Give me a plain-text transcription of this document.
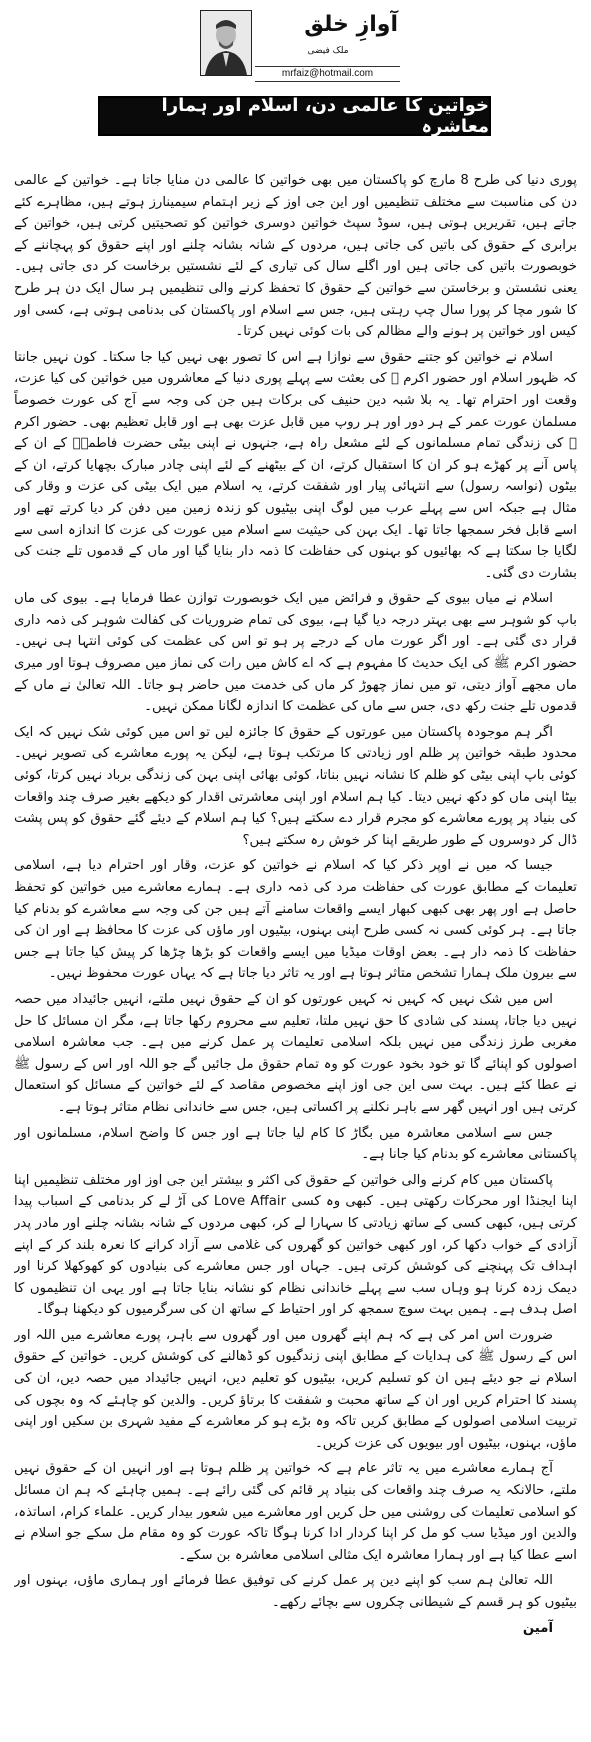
آوازِ خلق
ملک فیضی
mrfaiz@hotmail.com
خواتین کا عالمی دن، اسلام اور ہمارا معاشرہ

پوری دنیا کی طرح 8 مارچ کو پاکستان میں بھی خواتین کا عالمی دن منایا جاتا ہے۔ خواتین کے عالمی دن کی مناسبت سے مختلف تنظیمیں اور این جی اوز کے زیر اہتمام سیمینارز ہوتے ہیں، مظاہرے کئے جاتے ہیں، تقریریں ہوتی ہیں، سوڈ سپٹ خواتین دوسری خواتین کو تصحیتیں کرتی ہیں، خواتین کے برابری کے حقوق کی باتیں کی جاتی ہیں، مردوں کے شانہ بشانہ چلنے اور اپنے حقوق کو پہچاننے کے خوبصورت باتیں کی جاتی ہیں اور اگلے سال کی تیاری کے لئے نشستیں برخاست کر دی جاتی ہیں۔ یعنی نشستن و برخاستن سے خواتین کے حقوق کا تحفظ کرنے والی تنظیمیں ہر سال ایک دن ہر طرح کا شور مچا کر پورا سال چپ رہتی ہیں، جس سے اسلام اور پاکستان کی بدنامی ہوتی ہے، کسی اور کیس اور خواتین پر ہونے والے مظالم کی بات کوئی نہیں کرتا۔

اسلام نے خواتین کو جتنے حقوق سے نوازا ہے اس کا تصور بھی نہیں کیا جا سکتا۔ کون نہیں جانتا کہ ظہور اسلام اور حضور اکرم ﷺ کی بعثت سے پہلے پوری دنیا کے معاشروں میں خواتین کی کیا عزت، وقعت اور احترام تھا۔ یہ بلا شبہ دین حنیف کی برکات ہیں جن کی وجہ سے آج کی عورت خصوصاً مسلمان عورت عمر کے ہر دور اور ہر روپ میں قابل عزت بھی ہے اور قابل تعظیم بھی۔ حضور اکرم ﷺ کی زندگی تمام مسلمانوں کے لئے مشعل راہ ہے، جنہوں نے اپنی بیٹی حضرت فاطمہؓ کے ان کے پاس آنے پر کھڑے ہو کر ان کا استقبال کرتے، ان کے بیٹھنے کے لئے اپنی چادر مبارک بچھایا کرتے، ان کے بیٹوں (نواسہ رسول) سے انتہائی پیار اور شفقت کرتے، یہ اسلام میں ایک بیٹی کی عزت و وقار کی مثال ہے جبکہ اس سے پہلے عرب میں لوگ اپنی بیٹیوں کو زندہ زمین میں دفن کر دیا کرتے تھے اور اسے قابل فخر سمجھا جاتا تھا۔ ایک بہن کی حیثیت سے اسلام میں عورت کی عزت کا اندازہ اسی سے لگایا جا سکتا ہے کہ بھائیوں کو بہنوں کی حفاظت کا ذمہ دار بنایا گیا اور ماں کے قدموں تلے جنت کی بشارت دی گئی۔

اسلام نے میاں بیوی کے حقوق و فرائض میں ایک خوبصورت توازن عطا فرمایا ہے۔ بیوی کی ماں باپ کو شوہر سے بھی بہتر درجہ دیا گیا ہے، بیوی کی تمام ضروریات کی کفالت شوہر کی ذمہ داری قرار دی گئی ہے۔ اور اگر عورت ماں کے درجے پر ہو تو اس کی عظمت کی کوئی انتہا ہی نہیں۔ حضور اکرم ﷺ کی ایک حدیث کا مفہوم ہے کہ اے کاش میں رات کی نماز میں مصروف ہوتا اور میری ماں مجھے آواز دیتی، تو میں نماز چھوڑ کر ماں کی خدمت میں حاضر ہو جاتا۔ اللہ تعالیٰ نے ماں کے قدموں تلے جنت رکھ دی، جس سے ماں کی عظمت کا اندازہ لگانا ممکن نہیں۔

اگر ہم موجودہ پاکستان میں عورتوں کے حقوق کا جائزہ لیں تو اس میں کوئی شک نہیں کہ ایک محدود طبقہ خواتین پر ظلم اور زیادتی کا مرتکب ہوتا ہے، لیکن یہ پورے معاشرے کی تصویر نہیں۔ کوئی باپ اپنی بیٹی کو ظلم کا نشانہ نہیں بناتا، کوئی بھائی اپنی بہن کی زندگی برباد نہیں کرتا، کوئی بیٹا اپنی ماں کو دکھ نہیں دیتا۔ کیا ہم اسلام اور اپنی معاشرتی اقدار کو دیکھے بغیر صرف چند واقعات کی بنیاد پر پورے معاشرے کو مجرم قرار دے سکتے ہیں؟ کیا ہم اسلام کے دیئے گئے حقوق کو پس پشت ڈال کر دوسروں کے طور طریقے اپنا کر خوش رہ سکتے ہیں؟

جیسا کہ میں نے اوپر ذکر کیا کہ اسلام نے خواتین کو عزت، وقار اور احترام دیا ہے، اسلامی تعلیمات کے مطابق عورت کی حفاظت مرد کی ذمہ داری ہے۔ ہمارے معاشرے میں خواتین کو تحفظ حاصل ہے اور پھر بھی کبھی کبھار ایسے واقعات سامنے آتے ہیں جن کی وجہ سے معاشرے کو بدنام کیا جاتا ہے۔ ہر کوئی کسی نہ کسی طرح اپنی بہنوں، بیٹیوں اور ماؤں کی عزت کا محافظ ہے اور ان کی حفاظت کا ذمہ دار ہے۔ بعض اوقات میڈیا میں ایسے واقعات کو بڑھا چڑھا کر پیش کیا جاتا ہے جس سے بیرون ملک ہمارا تشخص متاثر ہوتا ہے اور یہ تاثر دیا جاتا ہے کہ یہاں عورت محفوظ نہیں۔

اس میں شک نہیں کہ کہیں نہ کہیں عورتوں کو ان کے حقوق نہیں ملتے، انہیں جائیداد میں حصہ نہیں دیا جاتا، پسند کی شادی کا حق نہیں ملتا، تعلیم سے محروم رکھا جاتا ہے، مگر ان مسائل کا حل مغربی طرز زندگی میں نہیں بلکہ اسلامی تعلیمات پر عمل کرنے میں ہے۔ جب معاشرہ اسلامی اصولوں کو اپنائے گا تو خود بخود عورت کو وہ تمام حقوق مل جائیں گے جو اللہ اور اس کے رسول ﷺ نے عطا کئے ہیں۔ بہت سی این جی اوز اپنے مخصوص مقاصد کے لئے خواتین کے مسائل کو استعمال کرتی ہیں اور انہیں گھر سے باہر نکلنے پر اکساتی ہیں، جس سے خاندانی نظام متاثر ہوتا ہے۔

جس سے اسلامی معاشرہ میں بگاڑ کا کام لیا جاتا ہے اور جس کا واضح اسلام، مسلمانوں اور پاکستانی معاشرے کو بدنام کیا جانا ہے۔

پاکستان میں کام کرنے والی خواتین کے حقوق کی اکثر و بیشتر این جی اوز اور مختلف تنظیمیں اپنا اپنا ایجنڈا اور محرکات رکھتی ہیں۔ کبھی وہ کسی Love Affair کی آڑ لے کر بدنامی کے اسباب پیدا کرتی ہیں، کبھی کسی کے ساتھ زیادتی کا سہارا لے کر، کبھی مردوں کے شانہ بشانہ چلنے اور مادر پدر آزادی کے خواب دکھا کر، اور کبھی خواتین کو گھروں کی غلامی سے آزاد کرانے کا نعرہ بلند کر کے اپنے اہداف تک پہنچنے کی کوشش کرتی ہیں۔ جہاں اور جس معاشرے کی بنیادوں کو کھوکھلا کرنا اور دیمک زدہ کرنا ہو وہاں سب سے پہلے خاندانی نظام کو نشانہ بنایا جاتا ہے اور یہی ان تنظیموں کا اصل ہدف ہے۔ ہمیں بہت سوچ سمجھ کر اور احتیاط کے ساتھ ان کی سرگرمیوں کو دیکھنا ہوگا۔

ضرورت اس امر کی ہے کہ ہم اپنے گھروں میں اور گھروں سے باہر، پورے معاشرے میں اللہ اور اس کے رسول ﷺ کی ہدایات کے مطابق اپنی زندگیوں کو ڈھالنے کی کوشش کریں۔ خواتین کے حقوق اسلام نے جو دیئے ہیں ان کو تسلیم کریں، بیٹیوں کو تعلیم دیں، انہیں جائیداد میں حصہ دیں، ان کی پسند کا احترام کریں اور ان کے ساتھ محبت و شفقت کا برتاؤ کریں۔ والدین کو چاہئے کہ وہ بچوں کی تربیت اسلامی اصولوں کے مطابق کریں تاکہ وہ بڑے ہو کر معاشرے کے مفید شہری بن سکیں اور اپنی ماؤں، بہنوں، بیٹیوں اور بیویوں کی عزت کریں۔

آج ہمارے معاشرے میں یہ تاثر عام ہے کہ خواتین پر ظلم ہوتا ہے اور انہیں ان کے حقوق نہیں ملتے، حالانکہ یہ صرف چند واقعات کی بنیاد پر قائم کی گئی رائے ہے۔ ہمیں چاہئے کہ ہم ان مسائل کو اسلامی تعلیمات کی روشنی میں حل کریں اور معاشرے میں شعور بیدار کریں۔ علماء کرام، اساتذہ، والدین اور میڈیا سب کو مل کر اپنا کردار ادا کرنا ہوگا تاکہ عورت کو وہ مقام مل سکے جو اسلام نے اسے عطا کیا ہے اور ہمارا معاشرہ ایک مثالی اسلامی معاشرہ بن سکے۔

اللہ تعالیٰ ہم سب کو اپنے دین پر عمل کرنے کی توفیق عطا فرمائے اور ہماری ماؤں، بہنوں اور بیٹیوں کو ہر قسم کے شیطانی چکروں سے بچائے رکھے۔

آمین
